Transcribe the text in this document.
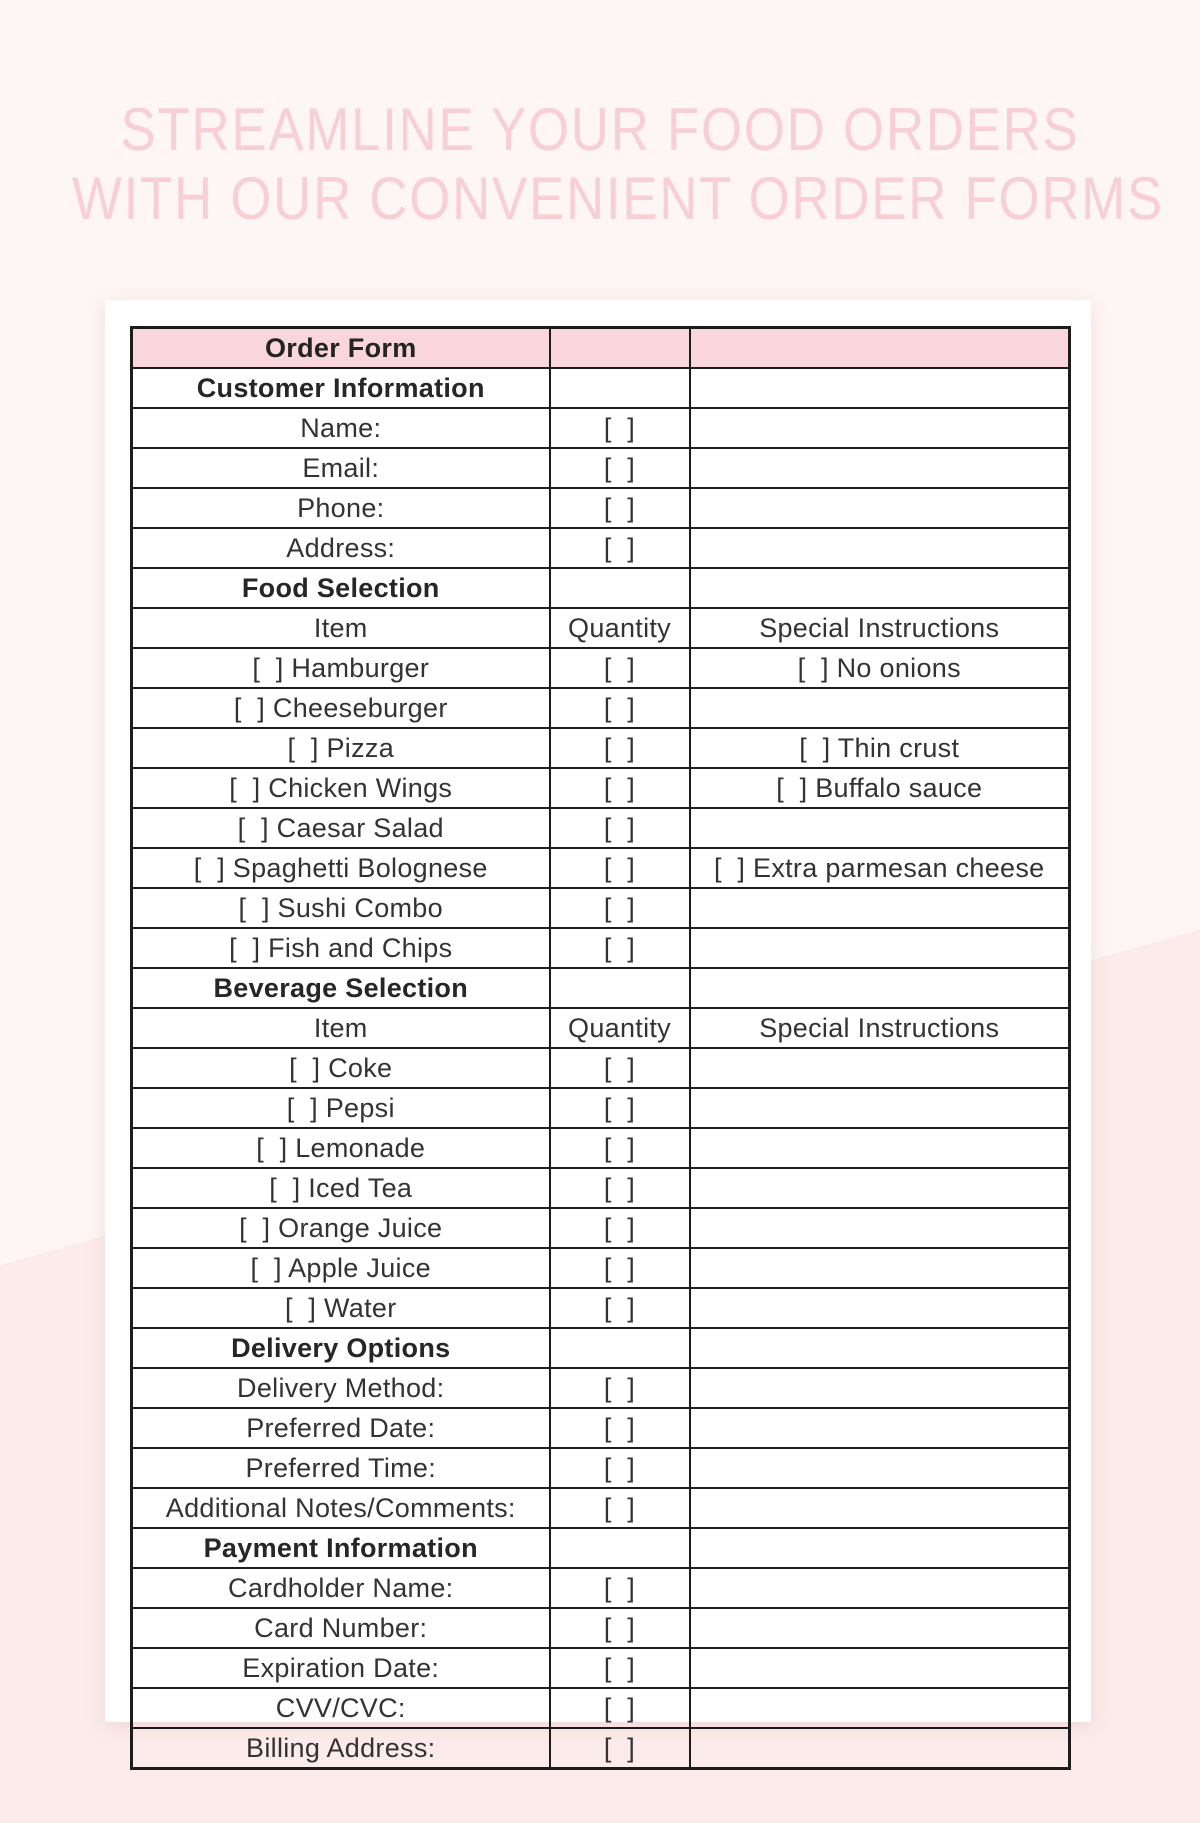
STREAMLINE YOUR FOOD ORDERS
WITH OUR CONVENIENT ORDER FORMS
Order Form		
Customer Information		
Name:	[  ]	
Email:	[  ]	
Phone:	[  ]	
Address:	[  ]	
Food Selection		
Item	Quantity	Special Instructions
[  ] Hamburger	[  ]	[  ] No onions
[  ] Cheeseburger	[  ]	
[  ] Pizza	[  ]	[  ] Thin crust
[  ] Chicken Wings	[  ]	[  ] Buffalo sauce
[  ] Caesar Salad	[  ]	
[  ] Spaghetti Bolognese	[  ]	[  ] Extra parmesan cheese
[  ] Sushi Combo	[  ]	
[  ] Fish and Chips	[  ]	
Beverage Selection		
Item	Quantity	Special Instructions
[  ] Coke	[  ]	
[  ] Pepsi	[  ]	
[  ] Lemonade	[  ]	
[  ] Iced Tea	[  ]	
[  ] Orange Juice	[  ]	
[  ] Apple Juice	[  ]	
[  ] Water	[  ]	
Delivery Options		
Delivery Method:	[  ]	
Preferred Date:	[  ]	
Preferred Time:	[  ]	
Additional Notes/Comments:	[  ]	
Payment Information		
Cardholder Name:	[  ]	
Card Number:	[  ]	
Expiration Date:	[  ]	
CVV/CVC:	[  ]	
Billing Address:	[  ]	
